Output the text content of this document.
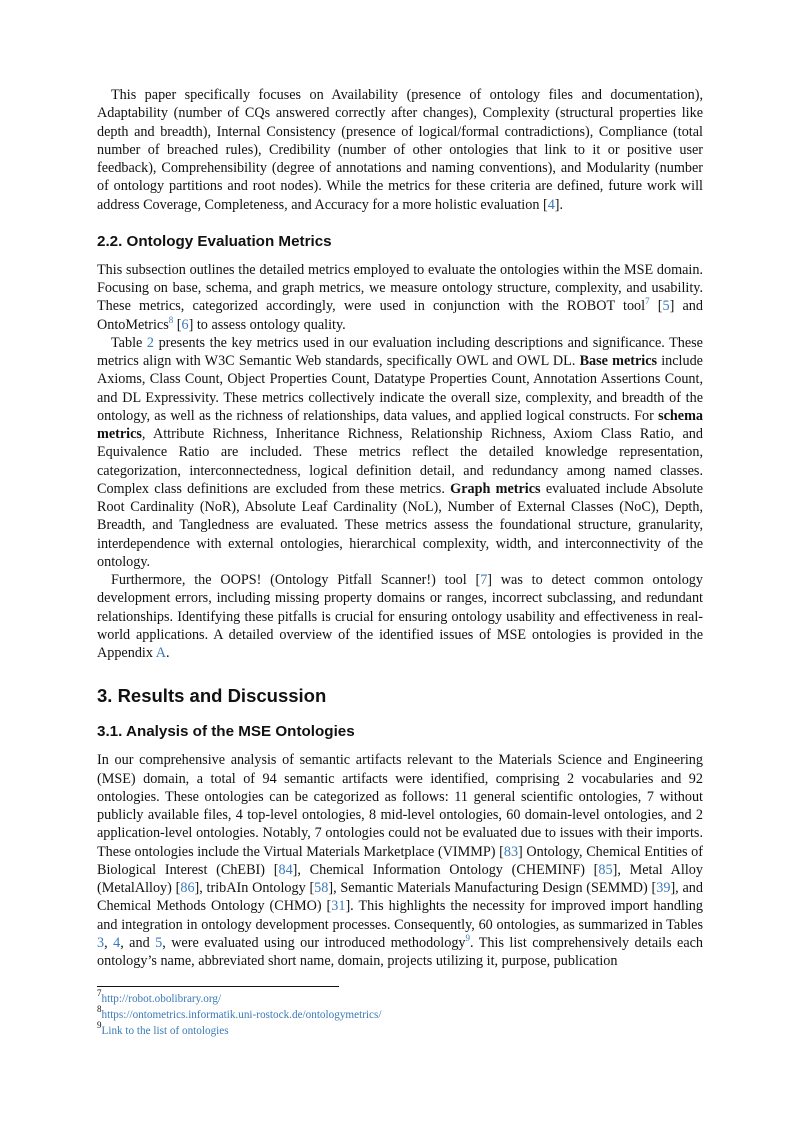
This paper specifically focuses on Availability (presence of ontology files and documentation), Adaptability (number of CQs answered correctly after changes), Complexity (structural properties like depth and breadth), Internal Consistency (presence of logical/formal contradictions), Compliance (total number of breached rules), Credibility (number of other ontologies that link to it or positive user feedback), Comprehensibility (degree of annotations and naming conventions), and Modularity (number of ontology partitions and root nodes). While the metrics for these criteria are defined, future work will address Coverage, Completeness, and Accuracy for a more holistic evaluation [4].

2.2. Ontology Evaluation Metrics

This subsection outlines the detailed metrics employed to evaluate the ontologies within the MSE domain. Focusing on base, schema, and graph metrics, we measure ontology structure, complexity, and usability. These metrics, categorized accordingly, were used in conjunction with the ROBOT tool$^7$ [5] and OntoMetrics$^8$ [6] to assess ontology quality.

Table 2 presents the key metrics used in our evaluation including descriptions and significance. These metrics align with W3C Semantic Web standards, specifically OWL and OWL DL. Base metrics include Axioms, Class Count, Object Properties Count, Datatype Properties Count, Annotation Assertions Count, and DL Expressivity. These metrics collectively indicate the overall size, complexity, and breadth of the ontology, as well as the richness of relationships, data values, and applied logical constructs. For schema metrics, Attribute Richness, Inheritance Richness, Relationship Richness, Axiom Class Ratio, and Equivalence Ratio are included. These metrics reflect the detailed knowledge representation, categorization, interconnectedness, logical definition detail, and redundancy among named classes. Complex class definitions are excluded from these metrics. Graph metrics evaluated include Absolute Root Cardinality (NoR), Absolute Leaf Cardinality (NoL), Number of External Classes (NoC), Depth, Breadth, and Tangledness are evaluated. These metrics assess the foundational structure, granularity, interdependence with external ontologies, hierarchical complexity, width, and interconnectivity of the ontology.

Furthermore, the OOPS! (Ontology Pitfall Scanner!) tool [7] was to detect common ontology development errors, including missing property domains or ranges, incorrect subclassing, and redundant relationships. Identifying these pitfalls is crucial for ensuring ontology usability and effectiveness in real-world applications. A detailed overview of the identified issues of MSE ontologies is provided in the Appendix A.

3. Results and Discussion
3.1. Analysis of the MSE Ontologies

In our comprehensive analysis of semantic artifacts relevant to the Materials Science and Engineering (MSE) domain, a total of 94 semantic artifacts were identified, comprising 2 vocabularies and 92 ontologies. These ontologies can be categorized as follows: 11 general scientific ontologies, 7 without publicly available files, 4 top-level ontologies, 8 mid-level ontologies, 60 domain-level ontologies, and 2 application-level ontologies. Notably, 7 ontologies could not be evaluated due to issues with their imports. These ontologies include the Virtual Materials Marketplace (VIMMP) [83] Ontology, Chemical Entities of Biological Interest (ChEBI) [84], Chemical Information Ontology (CHEMINF) [85], Metal Alloy (MetalAlloy) [86], tribAIn Ontology [58], Semantic Materials Manufacturing Design (SEMMD) [39], and Chemical Methods Ontology (CHMO) [31]. This highlights the necessity for improved import handling and integration in ontology development processes. Consequently, 60 ontologies, as summarized in Tables 3, 4, and 5, were evaluated using our introduced methodology$^9$. This list comprehensively details each ontology’s name, abbreviated short name, domain, projects utilizing it, purpose, publication

$^7$http://robot.obolibrary.org/

$^8$https://ontometrics.informatik.uni-rostock.de/ontologymetrics/

$^9$Link to the list of ontologies
